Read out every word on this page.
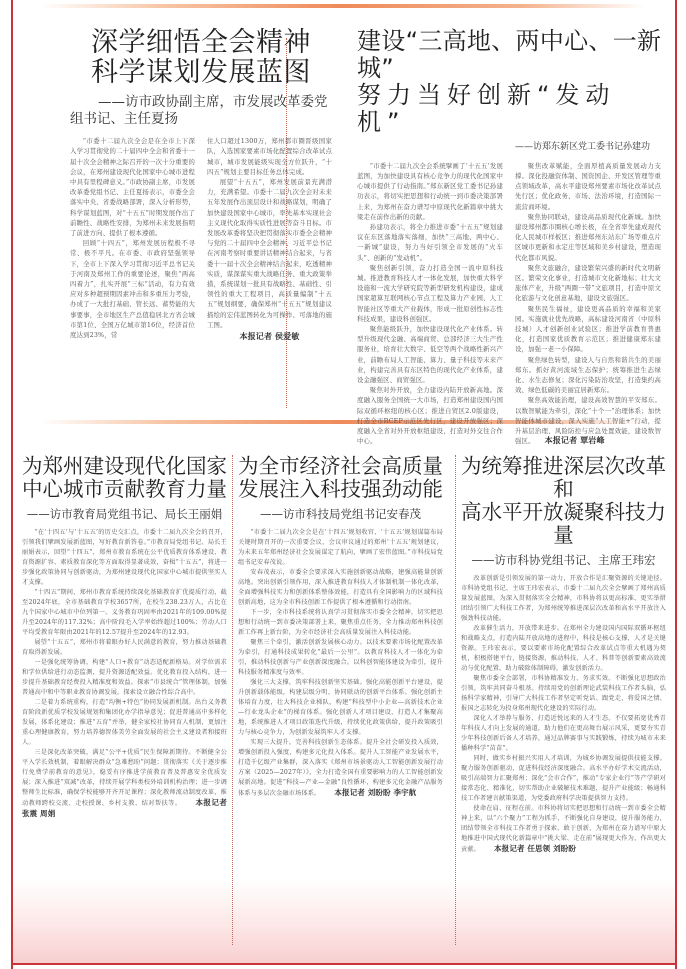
深学细悟全会精神
科学谋划发展蓝图
——访市政协副主席，市发展改革委党组书记、主任夏扬

“市委十二届九次全会是在全市上下深入学习贯彻党的二十届四中全会和省委十一届十次全会精神之际召开的一次十分重要的会议，在郑州建设现代化国家中心城市进程中具有里程碑意义。”市政协副主席，市发展改革委党组书记、主任夏扬表示，市委全会落实中央、省委战略部署，深入分析形势，科学谋划蓝图，对“十五五”时期发展作出了前瞻性、战略性安排，为郑州未来发展指明了前进方向、提供了根本遵循。

回顾“十四五”，郑州发展历程极不寻常、极不平凡。在市委、市政府坚强领导下，全市上下深入学习贯彻习近平总书记关于河南及郑州工作的重要论述，聚焦“两高四着力”，扎实开展“三标”活动，有力有效应对多种超预期因素冲击和多重压力考验，办成了一大批打基础、管长远、蓄势能的大事要事，全市地区生产总值稳居北方省会城市第1位、全国万亿城市第16位，经济首位度达到23%，常

住人口超过1300万，郑州都市圈晋级国家队，入选国家要素市场化配置综合改革试点城市，城市发展能级实现全方位跃升，“十四五”规划主要目标任务总体完成。

展望“十五五”，郑州发展前景充满潜力，充满希望。市委十二届九次全会对未来五年发展作出顶层设计和战略谋划，明确了加快建设国家中心城市，率先基本实现社会主义现代化取得实质性进展等奋斗目标。市发展改革委将坚决把贯彻落实市委全会精神与党的二十届四中全会精神、习近平总书记在河南考察时重要讲话精神结合起来，与省委十一届十次全会精神结合起来，吃透精神实质，谋深谋实重大战略任务、重大政策举措，系统谋划一批具有战略性、基础性、引领性的重大工程项目，高质量编制“十五五”规划纲要，确保郑州“十五五”规划建议描绘的宏伟蓝图转化为可操作、可落地的施工图。

本报记者 侯爱敏
建设“三高地、两中心、一新城”
努力当好创新“发动机”
——访郑东新区党工委书记孙建功

“市委十二届九次全会系统擘画了‘十五五’发展蓝图，为加快建设具有核心竞争力的现代化国家中心城市提供了行动指南。”郑东新区党工委书记孙建功表示，将切实把思想和行动统一到市委决策部署上来，为郑州在奋力谱写中原现代化新篇章中挑大梁走在前作出新的贡献。

孙建功表示，将全力推进市委“十五五”规划建议在东区落地落实落细，加快“三高地、两中心、一新城”建设，努力当好引领全市发展的“火车头”、创新的“发动机”。

聚焦创新引领，奋力打造全国一流中原科技城。推进教育科技人才一体化发展，加快重大科学设施和一流大学研究院等新型研发机构建设，建成国家超算互联网核心节点工程及算力产业园、人工智能社区等重大产业载体，形成一批原创性标志性科技成果，建设科创强区。

聚焦能级跃升，加快建设现代化产业体系。转型升级现代金融、高端商贸、总部经济三大生产性服务业，培育壮大数字、低空等两个战略性新兴产业，前瞻布局人工智能、算力、量子科技等未来产业，构建完善具有东区特色的现代化产业体系，建设金融强区、商贸强区。

聚焦对外开放，全力建设内陆开放新高地。深度融入服务全国统一大市场，打造郑州建设国内国际双循环枢纽的核心区；推进自贸区2.0版建设，打造全市RCEP示范区先行区，建设开放强区；深度融入全省对外开放枢纽建设，打造对外交往合作中心。

聚焦改革赋能，全面厚植高质量发展动力支撑。深化投融资体制、国资国企、开发区管理等重点领域改革，高水平建设郑州要素市场化改革试点先行区；优化政务、市场、法治环境，打造国际一流营商环境。

聚焦协同联动，建设高品质现代化新城。加快建设郑州都市圈核心增长极，在全省率先建成现代化人民城市样板区；推进郑州东站东广场等重点片区城市更新和永定庄等区域和美乡村建设，塑造现代化都市风貌。

聚焦文旅融合，建设繁荣兴盛的新时代文明新区。繁荣文化事业，打造城市文化新地标；壮大文旅体产业，升级“两圈一带”文旅项目，打造中原文化旅游与文化创意基地，建设文旅强区。

聚焦民生福祉，建设更高品质的幸福和美家园。实施就业优先战略，高标建设河南省（中原科技城）人才创新创业试验区；推进学前教育普惠化，打造国家优质教育示范区；推进健康郑东建设，加强一老一小保障。

聚焦绿色转型，建设人与自然和谐共生的美丽郑东。抓好黄河流域生态保护；统筹推进生态绿化、水生态修复；深化污染防治攻坚，打造集约高效、绿色低碳的美丽宜居新郑东。

聚焦高效能治理，建设高效智慧的平安郑东。以数智赋能为牵引，深化“十个一”治理体系；加快智能体城市建设，深入实施“人工智能+”行动，提升基层治理、风险防控与应急处置效能，建设数智强区。 本报记者 覃岩峰

为郑州建设现代化国家
中心城市贡献教育力量
——访市教育局党组书记、局长王丽娟

“在‘十四五’与‘十五五’的历史交汇点，市委十二届九次全会的召开，引领我们擘画发展新蓝图，写好教育新答卷。”市教育局党组书记、局长王丽娟表示，回望“十四五”，郑州市教育系统在公平优质教育体系建设、教育资源扩容、素质教育深化等方面取得显著成效，奋楫“十五五”，将进一步强化政策协同与创新驱动，为郑州建设现代化国家中心城市提供坚实人才支撑。

“十四五”期间，郑州市教育系统持续深化基础教育扩优提质行动，截至2024年底，全市基础教育学校3657所，在校生238.23万人，占比在九个国家中心城市中位列第一。义务教育巩固率由2021年的109.00%提升至2024年的117.32%；高中阶段毛入学率始终超过100%；劳动人口平均受教育年限由2021年的12.57提升至2024年的12.93。

展望“十五五”，郑州市将着眼办好人民满意的教育，努力推动基础教育取得新发展。

一是强化统筹协调，构建“人口+教育”动态适配新格局。对学位需求和学位供给进行动态监测，提升资源适配效益。优化教育投入结构，进一步提升基础教育经费投入精准度和效益。探索“市县统合”管理体制，加强普通高中和中等职业教育协调发展，探索设立融合性综合高中。

二是着力系统重构，打造“均衡+特色”协同发展新机制。出台义务教育阶段新优质学校发展规划和集团化办学指导意见；促进普通高中多样化发展，体系化建设；推进“五育”并举，健全家校社协同育人机制，更加注重心理健康教育，努力培养德智体美劳全面发展的社会主义建设者和接班人。

三是深化改革突破，满足“公平+优质”民生保障新期待。不断健全公平入学长效机制，着眼解决群众“急难愁盼”问题；贯彻落实《关于逐步推行免费学前教育的意见》，稳妥有序推进学前教育普及普惠安全优质发展；深入推进“双减”改革，持续开展学科类校外培训机构治理；进一步调整师生比标准，确保学校能够开齐开足课程；深化教师流动制度改革，推动教师跨校交流、走校授课、乡村支教、结对帮扶等。 本报记者 张震 周娟

为全市经济社会高质量
发展注入科技强劲动能
——访市科技局党组书记安春茂

“市委十二届九次全会是在‘十四五’规划收官、‘十五五’规划谋篇布局关键时期召开的一次重要会议，会议审议通过的郑州‘十五五’规划建议，为未来五年郑州经济社会发展谋定了航向，擘画了宏伟蓝图。”市科技局党组书记安春茂说。

安春茂表示，市委全会要求深入实施创新驱动战略，建强高能量创新高地。突出创新引领作用，深入推进教育科技人才体制机制一体化改革，全面增强科技实力和创新体系整体效能，打造具有全国影响力的区域科技创新高地，这为全市科技创新工作提供了根本遵循和行动指南。

下一步，全市科技系统将认真学习贯彻落实市委全会精神，切实把思想和行动统一到市委决策部署上来，聚焦重点任务，全力推动郑州科技创新工作再上新台阶，为全市经济社会高质量发展注入科技动能。

聚焦三个牵引，激活创新发展核心动力。以技术要素市场化配置改革为牵引，打通科技成果转化“最后一公里”。以教育科技人才一体化为牵引，推动科技创新与产业创新深度融合。以科创智能体建设为牵引，提升科技服务精准度与效率。

强化三大支撑，筑牢科技创新坚实基础。强化高能创新平台建设，提升创新载体能级，构建层级分明、协同联动的创新平台体系。强化创新主体培育力度，壮大科技企业梯队，构建“科技型中小企业—高新技术企业—行业龙头企业”的梯育体系。强化创新人才项目建设，打造人才集聚高地，系统推进人才项目政策迭代升级，持续优化政策供给，提升政策吸引力与核心竞争力，为创新发展筑牢人才支撑。

实现三大提升，完善科技创新生态体系。提升全社会研发投入质效，增强创新投入强度，构建多元化投入体系。提升人工智能产业发展水平，打造千亿级产业集群，深入落实《郑州市场景驱动人工智能创新发展行动方案（2025—2027年）》，全力打造全国有重要影响力的人工智能创新发展新高地。促进“科技—产业—金融”良性循环，构建多元化金融产品服务体系与多层次金融市场体系。 本报记者 刘盼盼 李宇航

为统筹推进深层次改革和
高水平开放凝聚科技力量
——访市科协党组书记、主席王玮宏

改革创新是引领发展的第一动力，开放合作是汇聚资源的关键途径。市科协党组书记、主席王玮宏表示，市委十二届九次全会擘画了郑州高质量发展蓝图，为深入贯彻落实全会精神，市科协将以更高标准、更实举措团结引领广大科技工作者，为郑州统筹推进深层次改革和高水平开放注入强劲科技动能。

改革催生活力，开放带来进步。在郑州全力建设国内国际双循环枢纽和战略支点，打造内陆开放高地的进程中，科技是核心支撑，人才是关键资源。王玮宏表示，要以要素市场化配置综合改革试点等重大机遇为契机，积极搭建平台，链接资源，推动科技、人才、科普等创新要素高效流动与优化配置，助力破除体制障碍，激发创新活力。

聚焦市委全会部署，市科协精准发力、务求实效。不断强化思想政治引领，筑牢共同奋斗根基。持续用党的创新理论武装科技工作者头脑，弘扬科学家精神，引导广大科技工作者坚定听党话、跟党走，将爱国之情、报国之志转化为投身郑州现代化建设的实际行动。

深化人才举荐与服务，打造近悦远来的人才生态。不仅要拓宽优秀青年科技人才向上发展的通道，助力他们在更高舞台展示风采，更要夯实青少年科技创新后备人才培养，通过品牌赛事与实践锻炼，持续为城市未来播种科学“苗苗”。

同时，做实乡村振兴实用人才培训，为城乡协调发展提供技能支撑。聚力服务创新驱动，促进科技经济深度融合。高水平办好学术交流活动，吸引高端智力汇聚郑州；深化“会市合作”，推动“专家企业行”等产学研对接常态化、精准化，切实帮助企业破解技术难题，提升产业能级；畅通科技工作者建言献策渠道，为党委政府科学决策提供智力支持。

使命在肩，征程在前。市科协将切实把思想和行动统一到市委全会精神上来，以“六个聚力”工程为抓手，不断强化自身建设，提升服务能力，团结带领全市科技工作者勇于探索、敢于创新，为郑州在奋力谱写中原大地推进中国式现代化新篇章中“挑大梁、走在前”展现更大作为，作出更大贡献。 本报记者 任思领 刘盼盼
